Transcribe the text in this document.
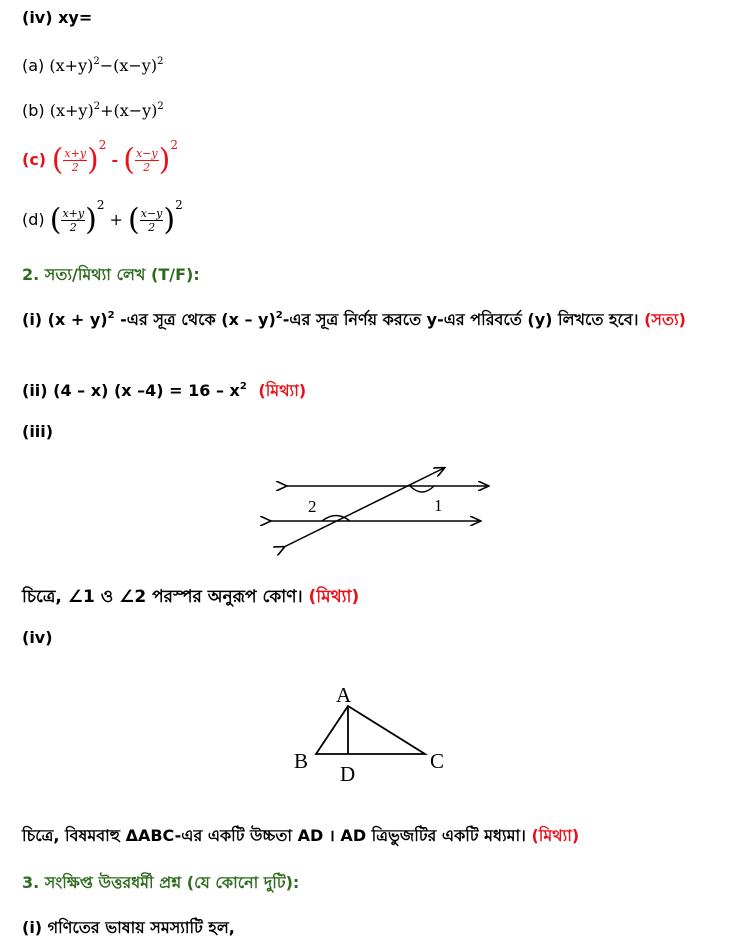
(iv) xy=
(a) $(x+y)^2-(x-y)^2$
(b) $(x+y)^2+(x-y)^2$
(c) ( $\frac{x+y}{2} )^2$ - ( $\frac{x-y}{2} )^2$
(d) ( $\frac{x+y}{2} )^2$ + ( $\frac{x-y}{2} )^2$
2. সত্য/মিথ্যা লেখ (T/F):
(i) $(x + y)^2$ -এর সূত্র থেকে (x – y)$^2$-এর সূত্র নির্ণয় করতে y-এর পরিবর্তে (y) লিখতে হবে। (সত্য)
(ii) (4 – x) (x $-4) = 16 - x^2$ (মিথ্যা)
(iii)
1
2
চিত্রে, ∠1 ও ∠2 পরস্পর অনুরূপ কোণ। (মিথ্যা)
(iv)
A
B	C
D
চিত্রে, বিষমবাহু ΔABC-এর একটি উচ্চতা AD । AD ত্রিভুজটির একটি মধ্যমা। (মিথ্যা)
3. সংক্ষিপ্ত উত্তরধর্মী প্রশ্ন (যে কোনো দুটি):
(i) গণিতের ভাষায় সমস্যাটি হল,
